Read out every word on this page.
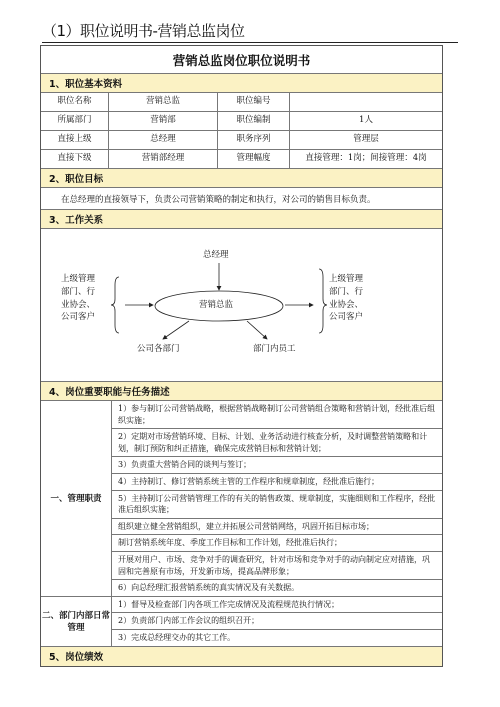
（1）职位说明书-营销总监岗位
营销总监岗位职位说明书
1、职位基本资料
职位名称	营销总监	职位编号
所属部门	营销部	职位编制	1人
直接上级	总经理	职务序列	管理层
直接下级	营销部经理	管理幅度	直接管理：1岗；间接管理：4岗
2、职位目标
在总经理的直接领导下，负责公司营销策略的制定和执行，对公司的销售目标负责。
3、工作关系
总经理
营销总监
上级管理
部门、行
业协会、
公司客户
上级管理
部门、行
业协会、
公司客户
公司各部门	部门内员工
4、岗位重要职能与任务描述
一、管理职责
1）参与制订公司营销战略，根据营销战略制订公司营销组合策略和营销计划，经批准后组织实施；
2）定期对市场营销环境、目标、计划、业务活动进行核查分析，及时调整营销策略和计划，制订预防和纠正措施，确保完成营销目标和营销计划；
3）负责重大营销合同的谈判与签订；
4）主持制订、修订营销系统主管的工作程序和规章制度，经批准后施行；
5）主持制订公司营销管理工作的有关的销售政策、规章制度，实施细则和工作程序，经批准后组织实施；
组织建立健全营销组织，建立并拓展公司营销网络，巩固开拓目标市场；
制订营销系统年度、季度工作目标和工作计划，经批准后执行；
开展对用户、市场、竞争对手的调查研究，针对市场和竞争对手的动向制定应对措施，巩固和完善原有市场，开发新市场，提高品牌形象；
6）向总经理汇报营销系统的真实情况及有关数据。
二、部门内部日常管理
1）督导及检查部门内各项工作完成情况及流程规范执行情况；
2）负责部门内部工作会议的组织召开；
3）完成总经理交办的其它工作。
5、岗位绩效
